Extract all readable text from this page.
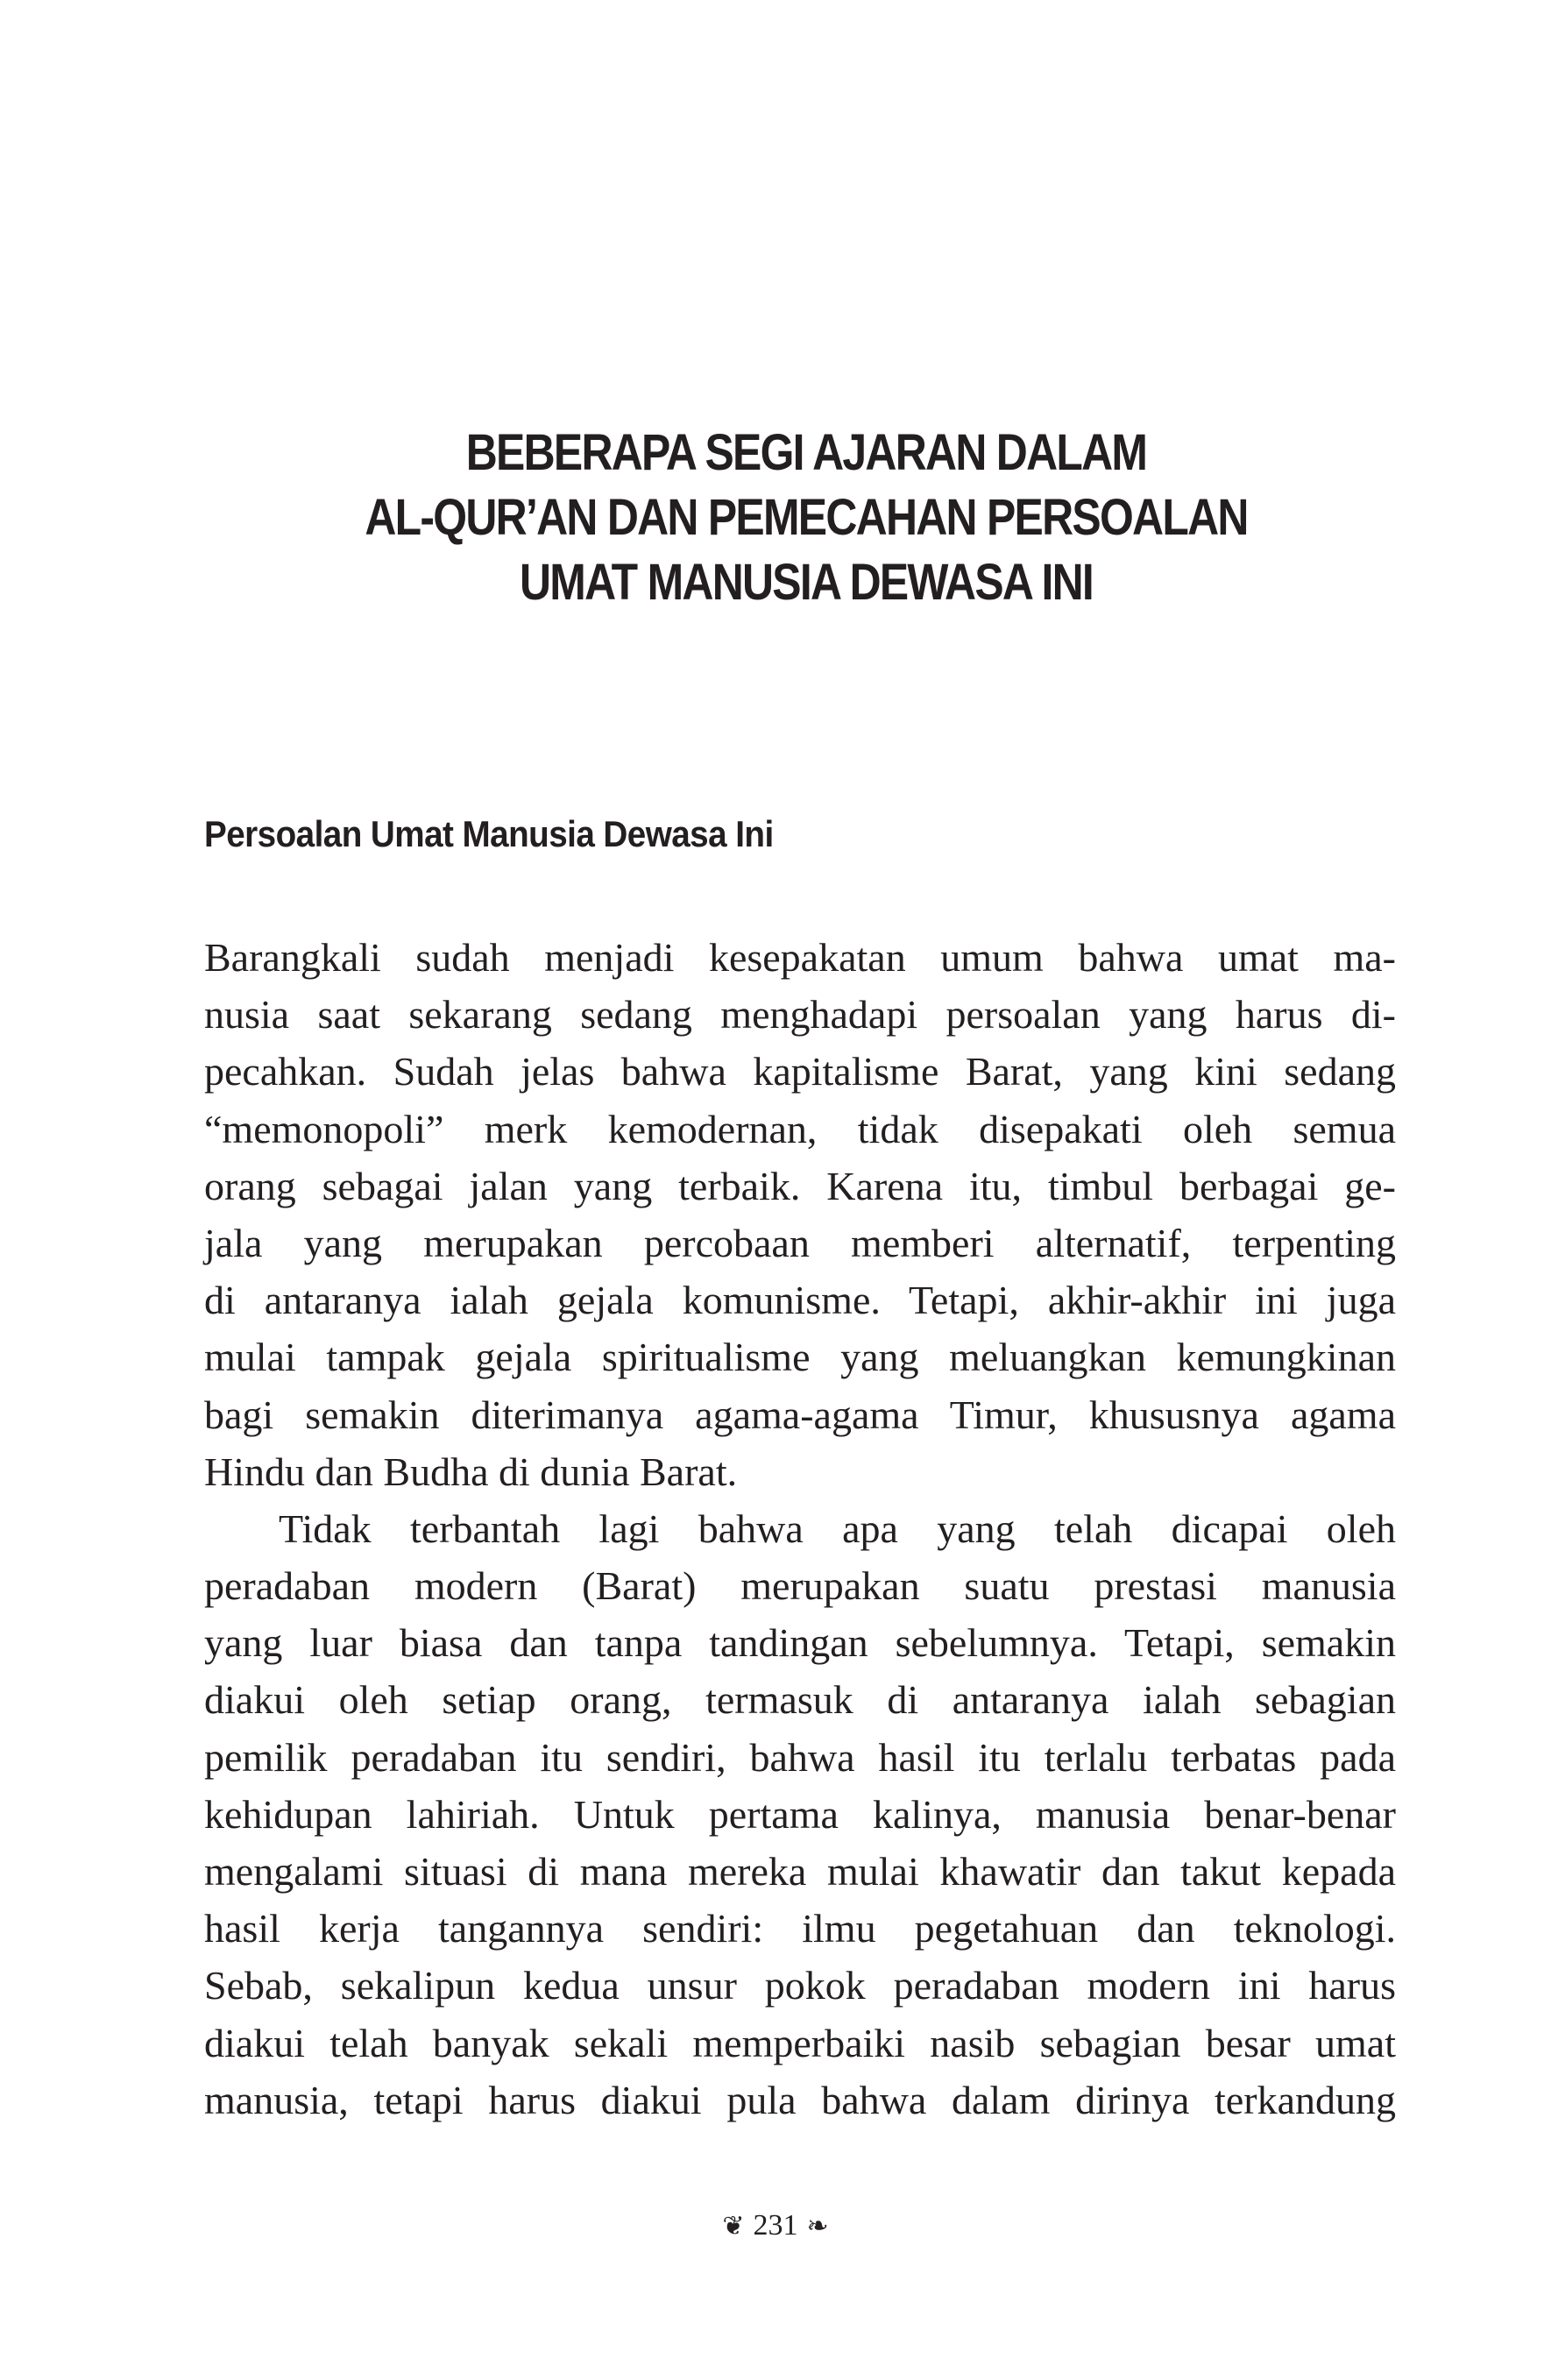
BEBERAPA SEGI AJARAN DALAM
AL-QUR’AN DAN PEMECAHAN PERSOALAN
UMAT MANUSIA DEWASA INI
Persoalan Umat Manusia Dewasa Ini
Barangkali sudah menjadi kesepakatan umum bahwa umat ma-
nusia saat sekarang sedang menghadapi persoalan yang harus di-
pecahkan. Sudah jelas bahwa kapitalisme Barat, yang kini sedang
“memonopoli” merk kemodernan, tidak disepakati oleh semua
orang sebagai jalan yang terbaik. Karena itu, timbul berbagai ge-
jala yang merupakan percobaan memberi alternatif, terpenting
di antaranya ialah gejala komunisme. Tetapi, akhir-akhir ini juga
mulai tampak gejala spiritualisme yang meluangkan kemungkinan
bagi semakin diterimanya agama-agama Timur, khususnya agama
Hindu dan Budha di dunia Barat.
Tidak terbantah lagi bahwa apa yang telah dicapai oleh
peradaban modern (Barat) merupakan suatu prestasi manusia
yang luar biasa dan tanpa tandingan sebelumnya. Tetapi, semakin
diakui oleh setiap orang, termasuk di antaranya ialah sebagian
pemilik peradaban itu sendiri, bahwa hasil itu terlalu terbatas pada
kehidupan lahiriah. Untuk pertama kalinya, manusia benar-benar
mengalami situasi di mana mereka mulai khawatir dan takut kepada
hasil kerja tangannya sendiri: ilmu pegetahuan dan teknologi.
Sebab, sekalipun kedua unsur pokok peradaban modern ini harus
diakui telah banyak sekali memperbaiki nasib sebagian besar umat
manusia, tetapi harus diakui pula bahwa dalam dirinya terkandung
❦ 231 ❧
